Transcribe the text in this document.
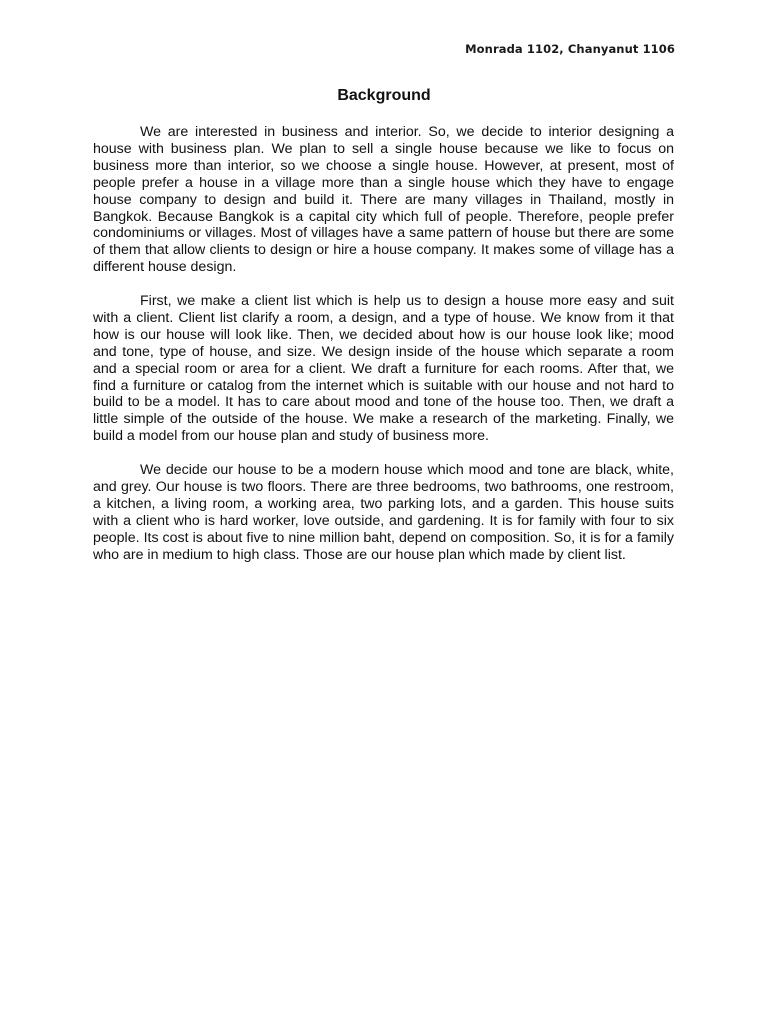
Monrada 1102, Chanyanut 1106
Background

We are interested in business and interior. So, we decide to interior designing a house with business plan. We plan to sell a single house because we like to focus on business more than interior, so we choose a single house. However, at present, most of people prefer a house in a village more than a single house which they have to engage house company to design and build it. There are many villages in Thailand, mostly in Bangkok. Because Bangkok is a capital city which full of people. Therefore, people prefer condominiums or villages. Most of villages have a same pattern of house but there are some of them that allow clients to design or hire a house company. It makes some of village has a different house design.

First, we make a client list which is help us to design a house more easy and suit with a client. Client list clarify a room, a design, and a type of house. We know from it that how is our house will look like. Then, we decided about how is our house look like; mood and tone, type of house, and size. We design inside of the house which separate a room and a special room or area for a client. We draft a furniture for each rooms. After that, we find a furniture or catalog from the internet which is suitable with our house and not hard to build to be a model. It has to care about mood and tone of the house too. Then, we draft a little simple of the outside of the house. We make a research of the marketing. Finally, we build a model from our house plan and study of business more.

We decide our house to be a modern house which mood and tone are black, white, and grey. Our house is two floors. There are three bedrooms, two bathrooms, one restroom, a kitchen, a living room, a working area, two parking lots, and a garden. This house suits with a client who is hard worker, love outside, and gardening. It is for family with four to six people. Its cost is about five to nine million baht, depend on composition. So, it is for a family who are in medium to high class. Those are our house plan which made by client list.
